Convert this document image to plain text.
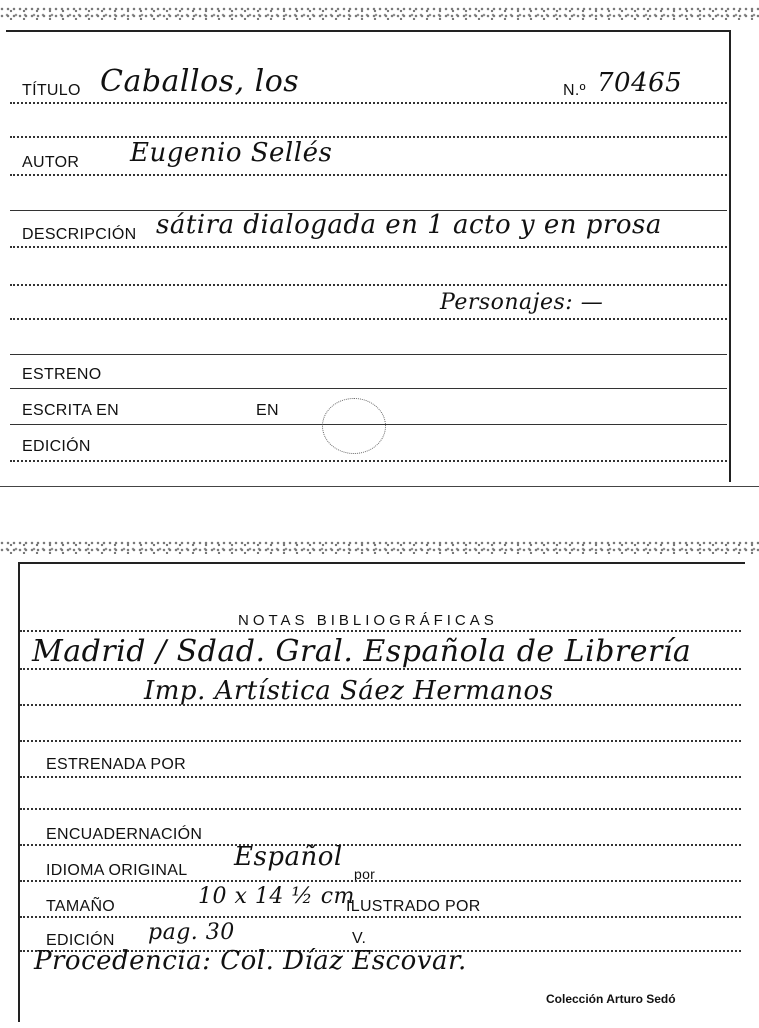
TÍTULO Caballos, los	N.º 70465
AUTOR Eugenio Sellés
DESCRIPCIÓN sátira dialogada en 1 acto y en prosa
Personajes: —
ESTRENO
ESCRITA EN	EN
EDICIÓN
NOTAS BIBLIOGRÁFICAS
Madrid / Sdad. Gral. Española de Librería
Imp. Artística Sáez Hermanos
ESTRENADA POR
ENCUADERNACIÓN
IDIOMA ORIGINAL Español
por
TAMAÑO	10 x 14 ½ cm
ILUSTRADO POR
EDICIÓN pag. 30	V.
Procedencia: Col. Díaz Escovar.
Colección Arturo Sedó
